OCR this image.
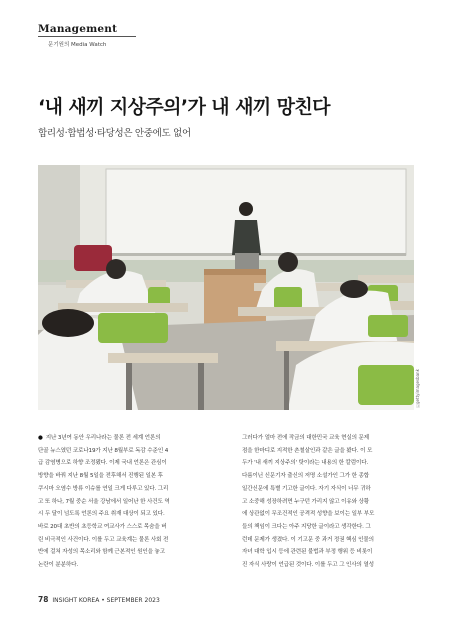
Management
문기원의 Media Watch
‘내 새끼 지상주의’가 내 새끼 망친다
합리성·합법성·타당성은 안중에도 없어
ⓒgettyimagesbank

● 지난 3년여 동안 우리나라는 물론 전 세계 언론의

단골 뉴스였던 코로나19가 지난 8월부로 독감 수준인 4

급 감염병으로 하향 조정됐다. 이제 국내 언론은 관심이

방향을 바꿔 지난 8월 5일을 전후해서 진행된 일본 후

쿠시마 오염수 방류 이슈를 연일 크게 다루고 있다. 그리

고 또 하나, 7월 중순 서울 강남에서 일어난 한 사건도 역

시 두 달이 넘도록 언론의 주요 취재 대상이 되고 있다.

바로 20대 초반의 초등학교 여교사가 스스로 목숨을 버

린 비극적인 사건이다. 이를 두고 교육계는 물론 사회 전

반에 걸쳐 자성의 목소리와 함께 근본적인 원인을 놓고

논란이 분분하다.

그러다가 얼마 전에 작금의 대한민국 교육 현실의 문제

점을 한마디로 지적한 촌철살인과 같은 글을 봤다. 이 모

두가 '내 새끼 지상주의' 탓이라는 내용의 한 칼럼이다.

다름이닌 신문기자 출신의 저명 소설가인 그가 한 종합

일간신문에 특별 기고한 글이다. 자기 자식이 너무 귀하

고 소중해 성장하려면 누구던 가리지 않고 이유와 상황

에 상관없이 무조건적인 공격적 성향을 보이는 일부 부모

들의 책임이 크다는 아주 지당한 글이라고 생각한다. 그

런데 문제가 생겼다. 이 기고문 중 과거 정권 핵심 인물의

자녀 대학 입시 등에 관련된 불법과 부정 행위 등 비롯이

진 자식 사랑이 언급된 것이다. 이를 두고 그 인사의 열성

78 INSIGHT KOREA • SEPTEMBER 2023
